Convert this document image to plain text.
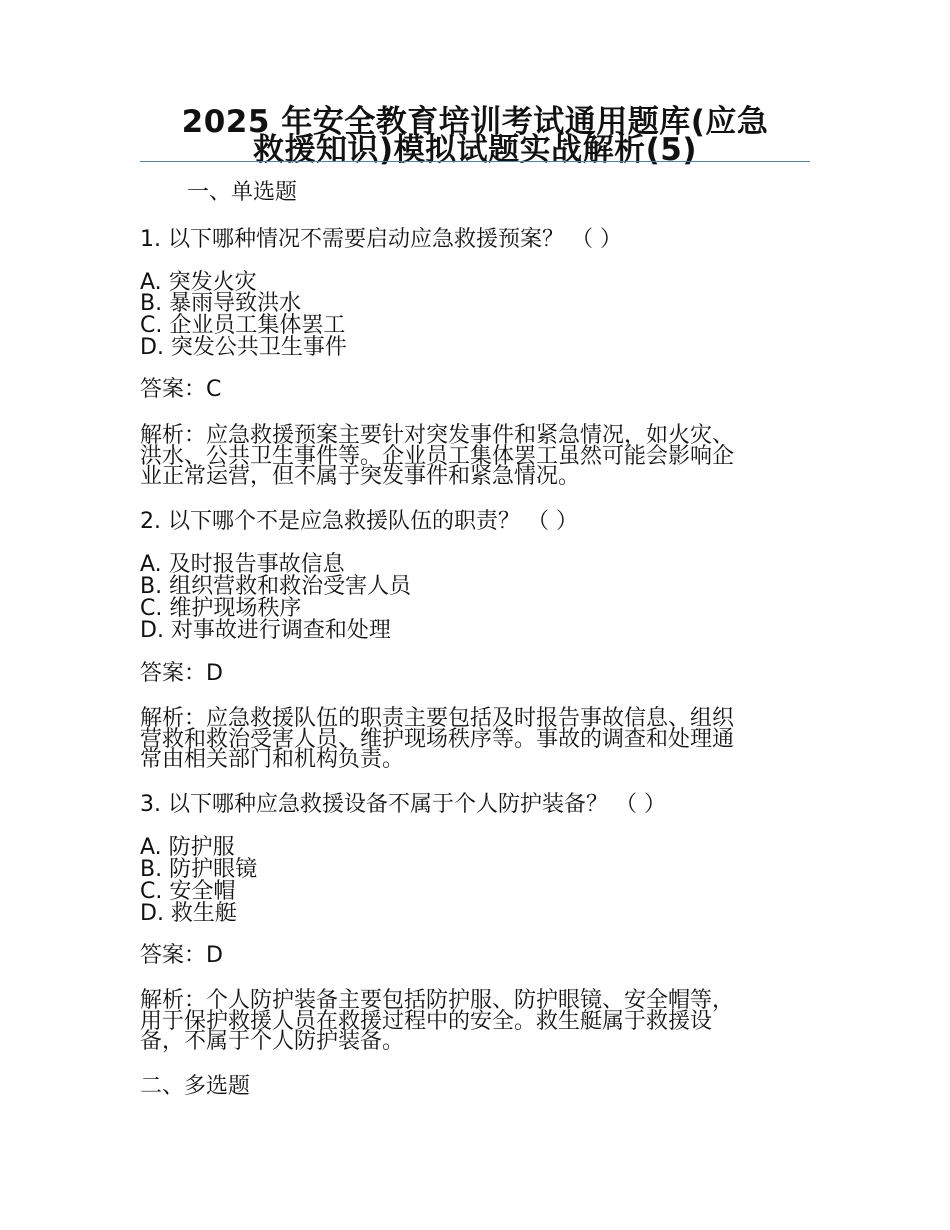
2025 年安全教育培训考试通用题库(应急
救援知识)模拟试题实战解析(5)
一、单选题
1. 以下哪种情况不需要启动应急救援预案？ （ ）
A. 突发火灾
B. 暴雨导致洪水
C. 企业员工集体罢工
D. 突发公共卫生事件
答案：C
解析：应急救援预案主要针对突发事件和紧急情况，如火灾、
洪水、公共卫生事件等。企业员工集体罢工虽然可能会影响企
业正常运营，但不属于突发事件和紧急情况。
2. 以下哪个不是应急救援队伍的职责？ （ ）
A. 及时报告事故信息
B. 组织营救和救治受害人员
C. 维护现场秩序
D. 对事故进行调查和处理
答案：D
解析：应急救援队伍的职责主要包括及时报告事故信息、组织
营救和救治受害人员、维护现场秩序等。事故的调查和处理通
常由相关部门和机构负责。
3. 以下哪种应急救援设备不属于个人防护装备？ （ ）
A. 防护服
B. 防护眼镜
C. 安全帽
D. 救生艇
答案：D
解析：个人防护装备主要包括防护服、防护眼镜、安全帽等，
用于保护救援人员在救援过程中的安全。救生艇属于救援设
备，不属于个人防护装备。
二、多选题
